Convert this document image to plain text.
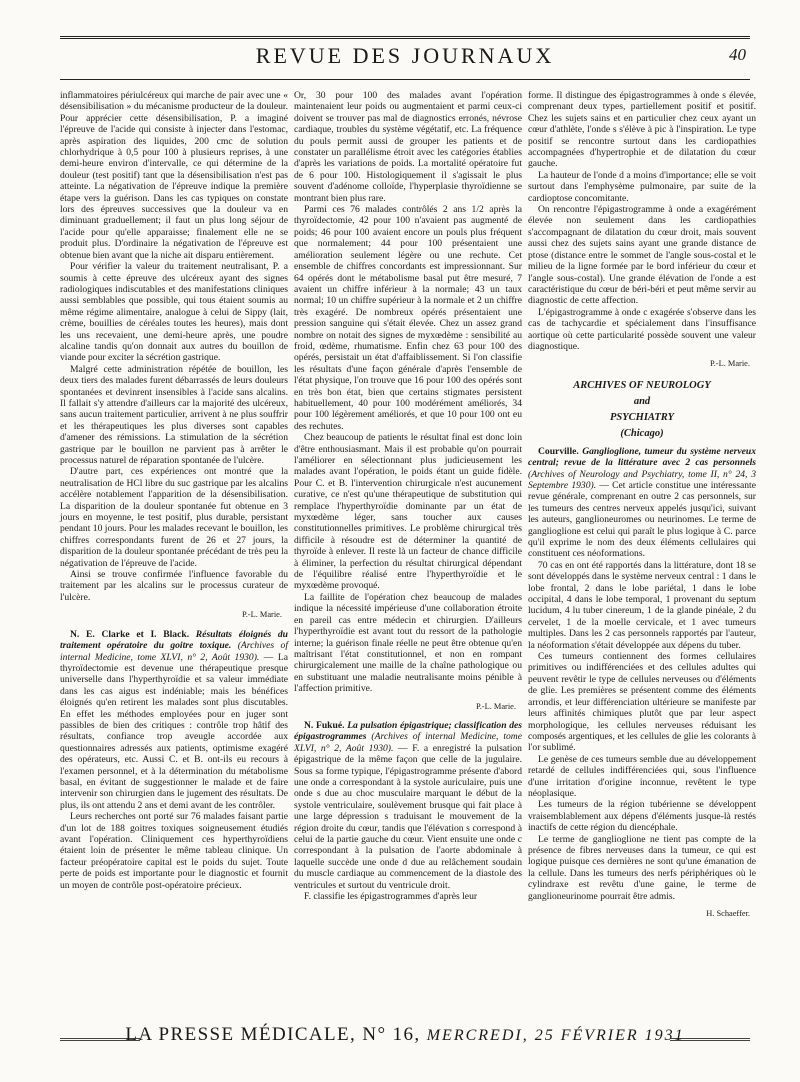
REVUE DES JOURNAUX	40

inflammatoires périulcéreux qui marche de pair avec une « désensibilisation » du mécanisme producteur de la douleur. Pour apprécier cette désensibilisation, P. a imaginé l'épreuve de l'acide qui consiste à injecter dans l'estomac, après aspiration des liquides, 200 cmc de solution chlorhydrique à 0,5 pour 100 à plusieurs reprises, à une demi-heure environ d'intervalle, ce qui détermine de la douleur (test positif) tant que la désensibilisation n'est pas atteinte. La négativation de l'épreuve indique la première étape vers la guérison. Dans les cas typiques on constate lors des épreuves successives que la douleur va en diminuant graduellement; il faut un plus long séjour de l'acide pour qu'elle apparaisse; finalement elle ne se produit plus. D'ordinaire la négativation de l'épreuve est obtenue bien avant que la niche ait disparu entièrement.

Pour vérifier la valeur du traitement neutralisant, P. a soumis à cette épreuve des ulcéreux ayant des signes radiologiques indiscutables et des manifestations cliniques aussi semblables que possible, qui tous étaient soumis au même régime alimentaire, analogue à celui de Sippy (lait, crème, bouillies de céréales toutes les heures), mais dont les uns recevaient, une demi-heure après, une poudre alcaline tandis qu'on donnait aux autres du bouillon de viande pour exciter la sécrétion gastrique.

Malgré cette administration répétée de bouillon, les deux tiers des malades furent débarrassés de leurs douleurs spontanées et devinrent insensibles à l'acide sans alcalins. Il fallait s'y attendre d'ailleurs car la majorité des ulcéreux, sans aucun traitement particulier, arrivent à ne plus souffrir et les thérapeutiques les plus diverses sont capables d'amener des rémissions. La stimulation de la sécrétion gastrique par le bouillon ne parvient pas à arrêter le processus naturel de réparation spontanée de l'ulcère.

D'autre part, ces expériences ont montré que la neutralisation de HCl libre du suc gastrique par les alcalins accélère notablement l'apparition de la désensibilisation. La disparition de la douleur spontanée fut obtenue en 3 jours en moyenne, le test positif, plus durable, persistant pendant 10 jours. Pour les malades recevant le bouillon, les chiffres correspondants furent de 26 et 27 jours, la disparition de la douleur spontanée précédant de très peu la négativation de l'épreuve de l'acide.

Ainsi se trouve confirmée l'influence favorable du traitement par les alcalins sur le processus curateur de l'ulcère.

P.-L. Marie.

N. E. Clarke et I. Black. Résultats éloignés du traitement opératoire du goitre toxique. (Archives of internal Medicine, tome XLVI, n° 2, Août 1930). — La thyroïdectomie est devenue une thérapeutique presque universelle dans l'hyperthyroïdie et sa valeur immédiate dans les cas aigus est indéniable; mais les bénéfices éloignés qu'en retirent les malades sont plus discutables. En effet les méthodes employées pour en juger sont passibles de bien des critiques : contrôle trop hâtif des résultats, confiance trop aveugle accordée aux questionnaires adressés aux patients, optimisme exagéré des opérateurs, etc. Aussi C. et B. ont-ils eu recours à l'examen personnel, et à la détermination du métabolisme basal, en évitant de suggestionner le malade et de faire intervenir son chirurgien dans le jugement des résultats. De plus, ils ont attendu 2 ans et demi avant de les contrôler.

Leurs recherches ont porté sur 76 malades faisant partie d'un lot de 188 goitres toxiques soigneusement étudiés avant l'opération. Cliniquement ces hyperthyroïdiens étaient loin de présenter le même tableau clinique. Un facteur préopératoire capital est le poids du sujet. Toute perte de poids est importante pour le diagnostic et fournit un moyen de contrôle post-opératoire précieux.

Or, 30 pour 100 des malades avant l'opération maintenaient leur poids ou augmentaient et parmi ceux-ci doivent se trouver pas mal de diagnostics erronés, névrose cardiaque, troubles du système végétatif, etc. La fréquence du pouls permit aussi de grouper les patients et de constater un parallélisme étroit avec les catégories établies d'après les variations de poids. La mortalité opératoire fut de 6 pour 100. Histologiquement il s'agissait le plus souvent d'adénome colloïde, l'hyperplasie thyroïdienne se montrant bien plus rare.

Parmi ces 76 malades contrôlés 2 ans 1/2 après la thyroïdectomie, 42 pour 100 n'avaient pas augmenté de poids; 46 pour 100 avaient encore un pouls plus fréquent que normalement; 44 pour 100 présentaient une amélioration seulement légère ou une rechute. Cet ensemble de chiffres concordants est impressionnant. Sur 64 opérés dont le métabolisme basal put être mesuré, 7 avaient un chiffre inférieur à la normale; 43 un taux normal; 10 un chiffre supérieur à la normale et 2 un chiffre très exagéré. De nombreux opérés présentaient une pression sanguine qui s'était élevée. Chez un assez grand nombre on notait des signes de myxœdème : sensibilité au froid, œdème, rhumatisme. Enfin chez 63 pour 100 des opérés, persistait un état d'affaiblissement. Si l'on classifie les résultats d'une façon générale d'après l'ensemble de l'état physique, l'on trouve que 16 pour 100 des opérés sont en très bon état, bien que certains stigmates persistent habituellement, 40 pour 100 modérément améliorés, 34 pour 100 légèrement améliorés, et que 10 pour 100 ont eu des rechutes.

Chez beaucoup de patients le résultat final est donc loin d'être enthousiasmant. Mais il est probable qu'on pourrait l'améliorer en sélectionnant plus judicieusement les malades avant l'opération, le poids étant un guide fidèle. Pour C. et B. l'intervention chirurgicale n'est aucunement curative, ce n'est qu'une thérapeutique de substitution qui remplace l'hyperthyroïdie dominante par un état de myxœdème léger, sans toucher aux causes constitutionnelles primitives. Le problème chirurgical très difficile à résoudre est de déterminer la quantité de thyroïde à enlever. Il reste là un facteur de chance difficile à éliminer, la perfection du résultat chirurgical dépendant de l'équilibre réalisé entre l'hyperthyroïdie et le myxœdème provoqué.

La faillite de l'opération chez beaucoup de malades indique la nécessité impérieuse d'une collaboration étroite en pareil cas entre médecin et chirurgien. D'ailleurs l'hyperthyroïdie est avant tout du ressort de la pathologie interne; la guérison finale réelle ne peut être obtenue qu'en maîtrisant l'état constitutionnel, et non en rompant chirurgicalement une maille de la chaîne pathologique ou en substituant une maladie neutralisante moins pénible à l'affection primitive.

P.-L. Marie.

N. Fukué. La pulsation épigastrique; classification des épigastrogrammes (Archives of internal Medicine, tome XLVI, n° 2, Août 1930). — F. a enregistré la pulsation épigastrique de la même façon que celle de la jugulaire. Sous sa forme typique, l'épigastrogramme présente d'abord une onde a correspondant à la systole auriculaire, puis une onde s due au choc musculaire marquant le début de la systole ventriculaire, soulèvement brusque qui fait place à une large dépression s traduisant le mouvement de la région droite du cœur, tandis que l'élévation s correspond à celui de la partie gauche du cœur. Vient ensuite une onde c correspondant à la pulsation de l'aorte abdominale à laquelle succède une onde d due au relâchement soudain du muscle cardiaque au commencement de la diastole des ventricules et surtout du ventricule droit.

F. classifie les épigastrogrammes d'après leur

forme. Il distingue des épigastrogrammes à onde s élevée, comprenant deux types, partiellement positif et positif. Chez les sujets sains et en particulier chez ceux ayant un cœur d'athlète, l'onde s s'élève à pic à l'inspiration. Le type positif se rencontre surtout dans les cardiopathies accompagnées d'hypertrophie et de dilatation du cœur gauche.

La hauteur de l'onde d a moins d'importance; elle se voit surtout dans l'emphysème pulmonaire, par suite de la cardioptose concomitante.

On rencontre l'épigastrogramme à onde a exagérément élevée non seulement dans les cardiopathies s'accompagnant de dilatation du cœur droit, mais souvent aussi chez des sujets sains ayant une grande distance de ptose (distance entre le sommet de l'angle sous-costal et le milieu de la ligne formée par le bord inférieur du cœur et l'angle sous-costal). Une grande élévation de l'onde a est caractéristique du cœur de béri-béri et peut même servir au diagnostic de cette affection.

L'épigastrogramme à onde c exagérée s'observe dans les cas de tachycardie et spécialement dans l'insuffisance aortique où cette particularité possède souvent une valeur diagnostique.

P.-L. Marie.

ARCHIVES OF NEUROLOGY
and
PSYCHIATRY
(Chicago)

Courville. Ganglioglione, tumeur du système nerveux central; revue de la littérature avec 2 cas personnels (Archives of Neurology and Psychiatry, tome II, n° 24, 3 Septembre 1930). — Cet article constitue une intéressante revue générale, comprenant en outre 2 cas personnels, sur les tumeurs des centres nerveux appelés jusqu'ici, suivant les auteurs, ganglioneuromes ou neurinomes. Le terme de ganglioglione est celui qui paraît le plus logique à C. parce qu'il exprime le nom des deux éléments cellulaires qui constituent ces néoformations.

70 cas en ont été rapportés dans la littérature, dont 18 se sont développés dans le système nerveux central : 1 dans le lobe frontal, 2 dans le lobe pariétal, 1 dans le lobe occipital, 4 dans le lobe temporal, 1 provenant du septum lucidum, 4 lu tuber cinereum, 1 de la glande pinéale, 2 du cervelet, 1 de la moelle cervicale, et 1 avec tumeurs multiples. Dans les 2 cas personnels rapportés par l'auteur, la néoformation s'était développée aux dépens du tuber.

Ces tumeurs contiennent des formes cellulaires primitives ou indifférenciées et des cellules adultes qui peuvent revêtir le type de cellules nerveuses ou d'éléments de glie. Les premières se présentent comme des éléments arrondis, et leur différenciation ultérieure se manifeste par leurs affinités chimiques plutôt que par leur aspect morphologique, les cellules nerveuses réduisant les composés argentiques, et les cellules de glie les colorants à l'or sublimé.

Le genèse de ces tumeurs semble due au développement retardé de cellules indifférenciées qui, sous l'influence d'une irritation d'origine inconnue, revêtent le type néoplasique.

Les tumeurs de la région tubérienne se développent vraisemblablement aux dépens d'éléments jusque-là restés inactifs de cette région du diencéphale.

Le terme de ganglioglione ne tient pas compte de la présence de fibres nerveuses dans la tumeur, ce qui est logique puisque ces dernières ne sont qu'une émanation de la cellule. Dans les tumeurs des nerfs périphériques où le cylindraxe est revêtu d'une gaine, le terme de ganglioneurinome pourrait être admis.

H. Schaeffer.

LA PRESSE MÉDICALE, N° 16, MERCREDI, 25 FÉVRIER 1931
